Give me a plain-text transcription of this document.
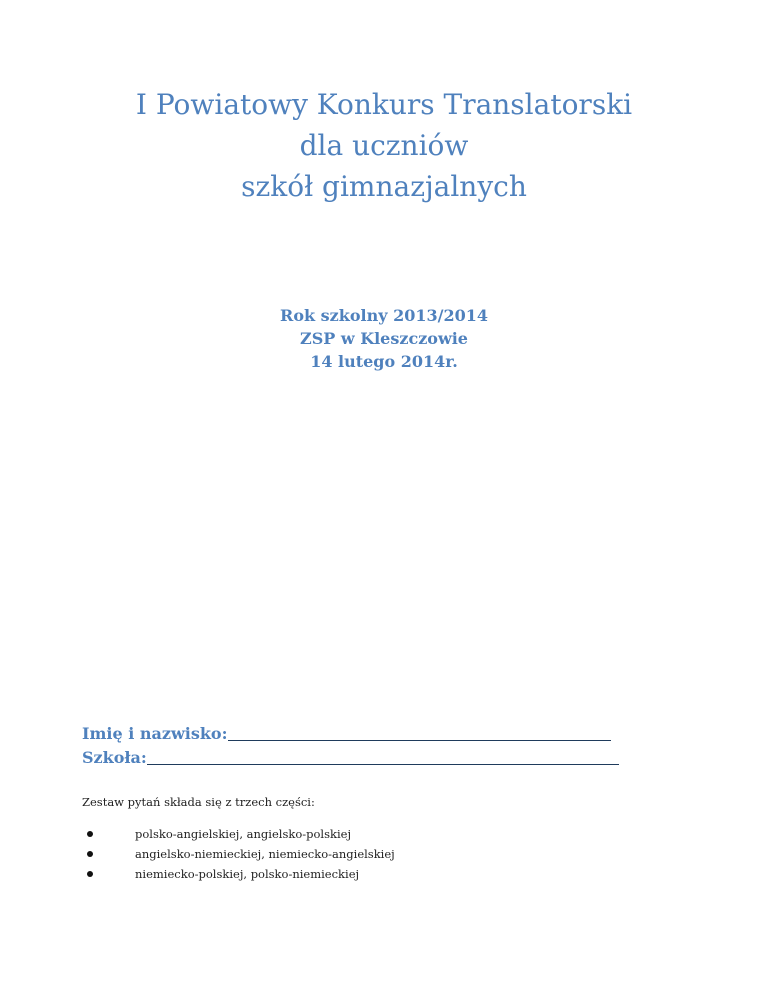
I Powiatowy Konkurs Translatorski
dla uczniów
szkół gimnazjalnych
Rok szkolny 2013/2014
ZSP w Kleszczowie
14 lutego 2014r.
Imię i nazwisko:
Szkoła:
Zestaw pytań składa się z trzech części:
polsko-angielskiej, angielsko-polskiej
angielsko-niemieckiej, niemiecko-angielskiej
niemiecko-polskiej, polsko-niemieckiej
